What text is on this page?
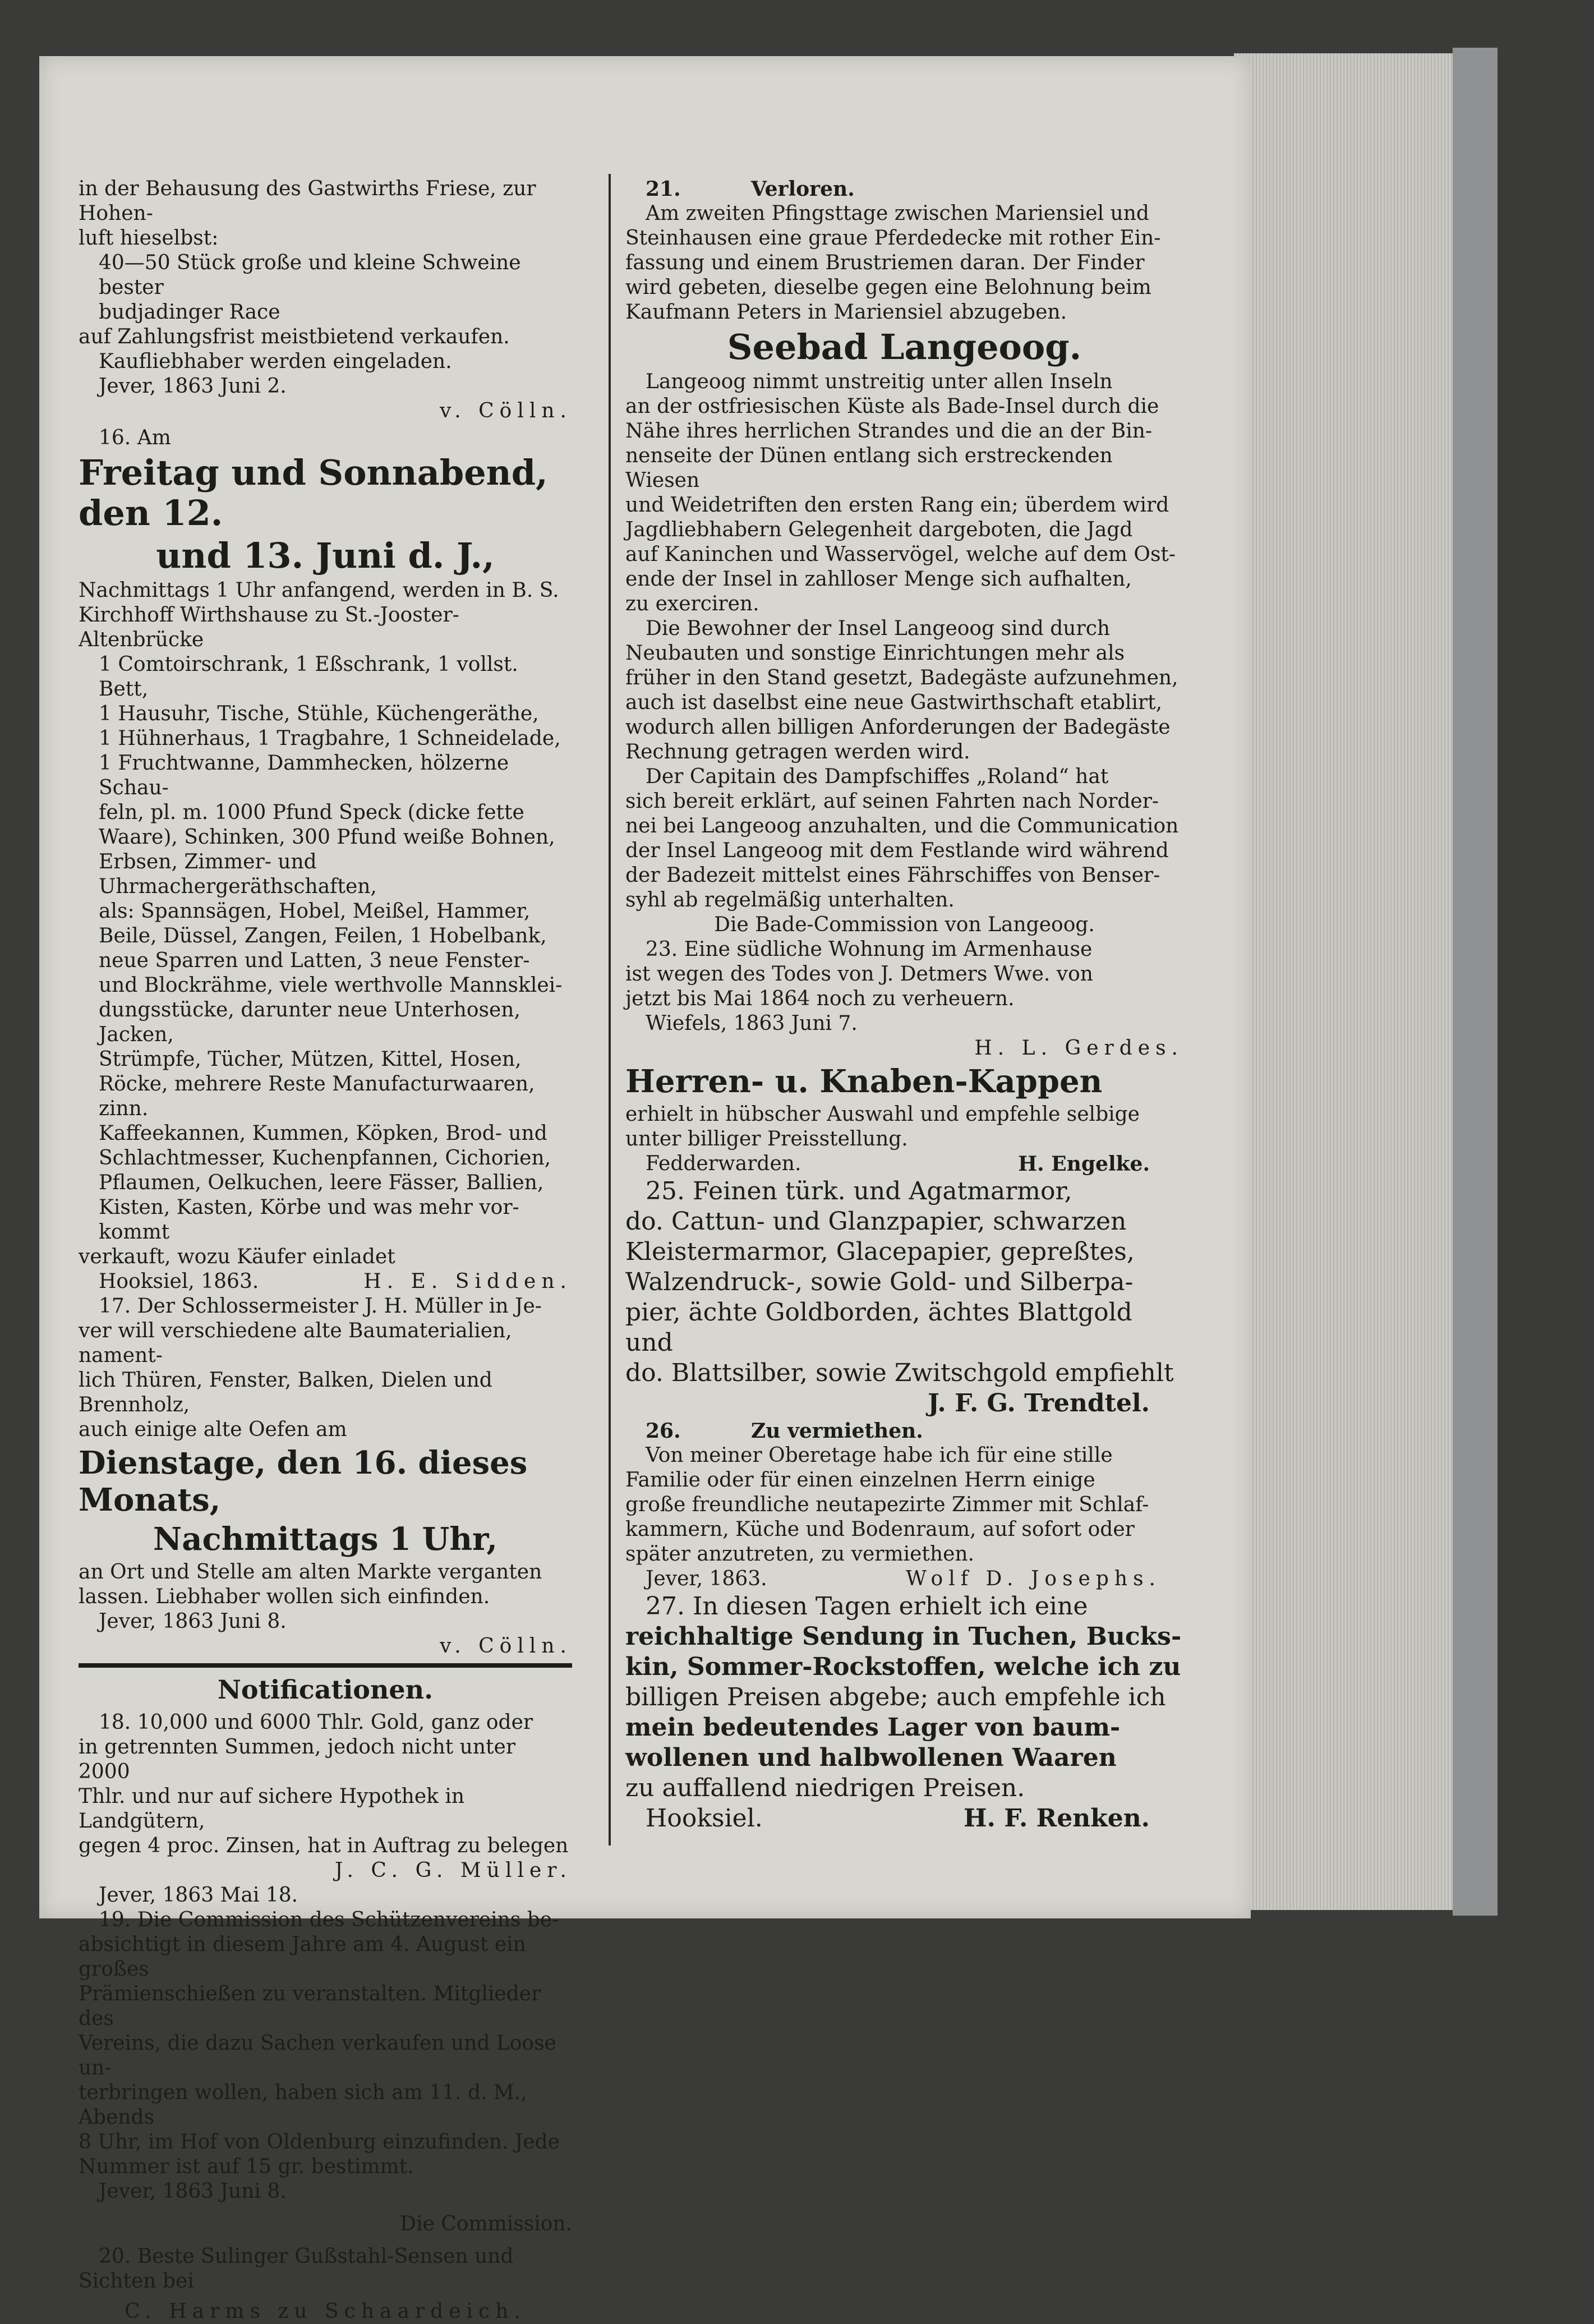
in der Behausung des Gastwirths Friese, zur Hohen-

luft hieselbst:

40—50 Stück große und kleine Schweine bester

budjadinger Race

auf Zahlungsfrist meistbietend verkaufen.

Kaufliebhaber werden eingeladen.

Jever, 1863 Juni 2.

v. Cölln.

16. Am

Freitag und Sonnabend, den 12.

und 13. Juni d. J.,

Nachmittags 1 Uhr anfangend, werden in B. S.

Kirchhoff Wirthshause zu St.-Jooster-Altenbrücke

1 Comtoirschrank, 1 Eßschrank, 1 vollst. Bett,

1 Hausuhr, Tische, Stühle, Küchengeräthe,

1 Hühnerhaus, 1 Tragbahre, 1 Schneidelade,

1 Fruchtwanne, Dammhecken, hölzerne Schau-

feln, pl. m. 1000 Pfund Speck (dicke fette

Waare), Schinken, 300 Pfund weiße Bohnen,

Erbsen, Zimmer- und Uhrmachergeräthschaften,

als: Spannsägen, Hobel, Meißel, Hammer,

Beile, Düssel, Zangen, Feilen, 1 Hobelbank,

neue Sparren und Latten, 3 neue Fenster-

und Blockrähme, viele werthvolle Mannsklei-

dungsstücke, darunter neue Unterhosen, Jacken,

Strümpfe, Tücher, Mützen, Kittel, Hosen,

Röcke, mehrere Reste Manufacturwaaren, zinn.

Kaffeekannen, Kummen, Köpken, Brod- und

Schlachtmesser, Kuchenpfannen, Cichorien,

Pflaumen, Oelkuchen, leere Fässer, Ballien,

Kisten, Kasten, Körbe und was mehr vor-

kommt

verkauft, wozu Käufer einladet

Hooksiel, 1863.	H. E. Sidden.

17. Der Schlossermeister J. H. Müller in Je-

ver will verschiedene alte Baumaterialien, nament-

lich Thüren, Fenster, Balken, Dielen und Brennholz,

auch einige alte Oefen am

Dienstage, den 16. dieses Monats,

Nachmittags 1 Uhr,

an Ort und Stelle am alten Markte verganten

lassen. Liebhaber wollen sich einfinden.

Jever, 1863 Juni 8.

v. Cölln.

Notificationen.

18. 10,000 und 6000 Thlr. Gold, ganz oder

in getrennten Summen, jedoch nicht unter 2000

Thlr. und nur auf sichere Hypothek in Landgütern,

gegen 4 proc. Zinsen, hat in Auftrag zu belegen

J. C. G. Müller.

Jever, 1863 Mai 18.

19. Die Commission des Schützenvereins be-

absichtigt in diesem Jahre am 4. August ein großes

Prämienschießen zu veranstalten. Mitglieder des

Vereins, die dazu Sachen verkaufen und Loose un-

terbringen wollen, haben sich am 11. d. M., Abends

8 Uhr, im Hof von Oldenburg einzufinden. Jede

Nummer ist auf 15 gr. bestimmt.

Jever, 1863 Juni 8.

Die Commission.

20. Beste Sulinger Gußstahl-Sensen und

Sichten bei

C. Harms zu Schaardeich.

21.          Verloren.

Am zweiten Pfingsttage zwischen Mariensiel und

Steinhausen eine graue Pferdedecke mit rother Ein-

fassung und einem Brustriemen daran. Der Finder

wird gebeten, dieselbe gegen eine Belohnung beim

Kaufmann Peters in Mariensiel abzugeben.

Seebad Langeoog.

Langeoog nimmt unstreitig unter allen Inseln

an der ostfriesischen Küste als Bade-Insel durch die

Nähe ihres herrlichen Strandes und die an der Bin-

nenseite der Dünen entlang sich erstreckenden Wiesen

und Weidetriften den ersten Rang ein; überdem wird

Jagdliebhabern Gelegenheit dargeboten, die Jagd

auf Kaninchen und Wasservögel, welche auf dem Ost-

ende der Insel in zahlloser Menge sich aufhalten,

zu exerciren.

Die Bewohner der Insel Langeoog sind durch

Neubauten und sonstige Einrichtungen mehr als

früher in den Stand gesetzt, Badegäste aufzunehmen,

auch ist daselbst eine neue Gastwirthschaft etablirt,

wodurch allen billigen Anforderungen der Badegäste

Rechnung getragen werden wird.

Der Capitain des Dampfschiffes „Roland“ hat

sich bereit erklärt, auf seinen Fahrten nach Norder-

nei bei Langeoog anzuhalten, und die Communication

der Insel Langeoog mit dem Festlande wird während

der Badezeit mittelst eines Fährschiffes von Benser-

syhl ab regelmäßig unterhalten.

Die Bade-Commission von Langeoog.

23. Eine südliche Wohnung im Armenhause

ist wegen des Todes von J. Detmers Wwe. von

jetzt bis Mai 1864 noch zu verheuern.

Wiefels, 1863 Juni 7.

H. L. Gerdes.

Herren- u. Knaben-Kappen

erhielt in hübscher Auswahl und empfehle selbige

unter billiger Preisstellung.

Fedderwarden.	H. Engelke.

25. Feinen türk. und Agatmarmor,

do. Cattun- und Glanzpapier, schwarzen

Kleistermarmor, Glacepapier, gepreßtes,

Walzendruck-, sowie Gold- und Silberpa-

pier, ächte Goldborden, ächtes Blattgold und

do. Blattsilber, sowie Zwitschgold empfiehlt

J. F. G. Trendtel.

26.          Zu vermiethen.

Von meiner Oberetage habe ich für eine stille

Familie oder für einen einzelnen Herrn einige

große freundliche neutapezirte Zimmer mit Schlaf-

kammern, Küche und Bodenraum, auf sofort oder

später anzutreten, zu vermiethen.

Jever, 1863.	Wolf D. Josephs.

27. In diesen Tagen erhielt ich eine

reichhaltige Sendung in Tuchen, Bucks-

kin, Sommer-Rockstoffen, welche ich zu

billigen Preisen abgebe; auch empfehle ich

mein bedeutendes Lager von baum-

wollenen und halbwollenen Waaren

zu auffallend niedrigen Preisen.

Hooksiel.	H. F. Renken.
